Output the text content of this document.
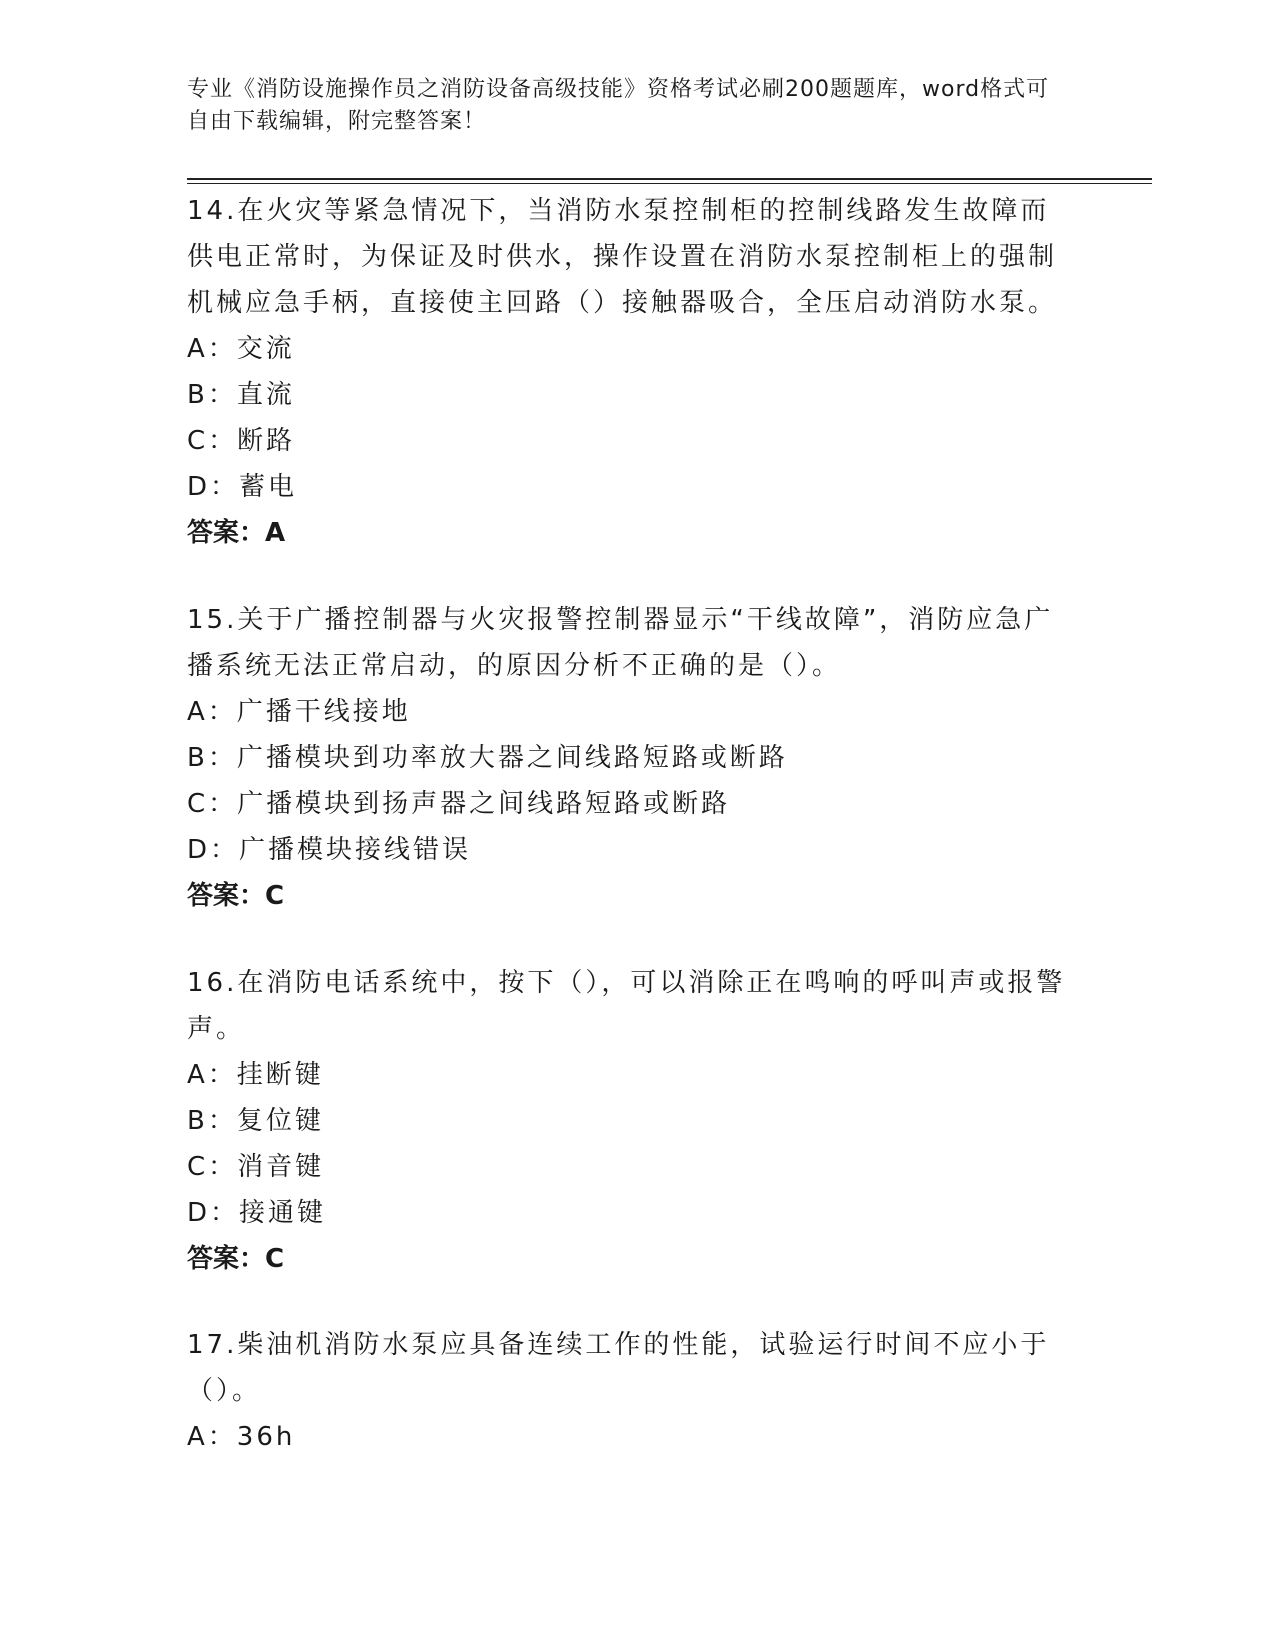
专业《消防设施操作员之消防设备高级技能》资格考试必刷200题题库，word格式可自由下载编辑，附完整答案！

14.在火灾等紧急情况下，当消防水泵控制柜的控制线路发生故障而供电正常时，为保证及时供水，操作设置在消防水泵控制柜上的强制机械应急手柄，直接使主回路（）接触器吸合，全压启动消防水泵。

A：交流

B：直流

C：断路

D：蓄电

答案：A

15.关于广播控制器与火灾报警控制器显示“干线故障”，消防应急广播系统无法正常启动，的原因分析不正确的是（）。

A：广播干线接地

B：广播模块到功率放大器之间线路短路或断路

C：广播模块到扬声器之间线路短路或断路

D：广播模块接线错误

答案：C

16.在消防电话系统中，按下（），可以消除正在鸣响的呼叫声或报警声。

A：挂断键

B：复位键

C：消音键

D：接通键

答案：C

17.柴油机消防水泵应具备连续工作的性能，试验运行时间不应小于（）。

A：36h
